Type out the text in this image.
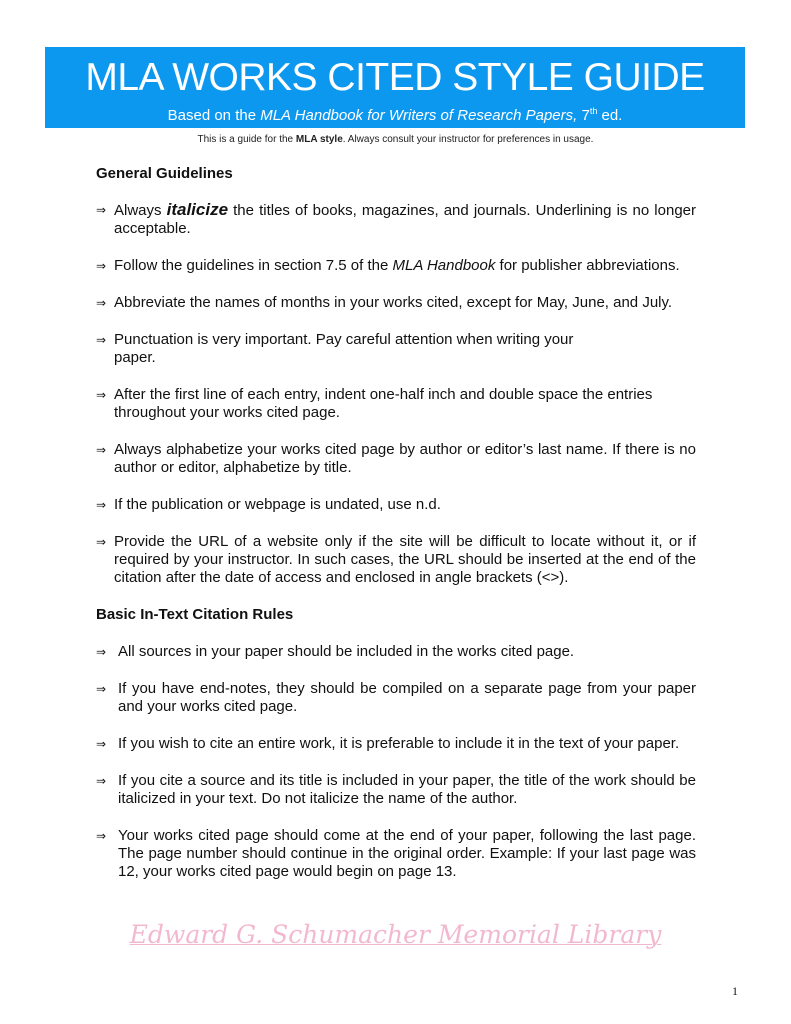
MLA WORKS CITED STYLE GUIDE
Based on the MLA Handbook for Writers of Research Papers, 7th ed.
This is a guide for the MLA style. Always consult your instructor for preferences in usage.
General Guidelines
⇒ Always italicize the titles of books, magazines, and journals. Underlining is no longer acceptable.
⇒ Follow the guidelines in section 7.5 of the MLA Handbook for publisher abbreviations.
⇒ Abbreviate the names of months in your works cited, except for May, June, and July.
⇒ Punctuation is very important. Pay careful attention when writing your
paper.
⇒ After the first line of each entry, indent one-half inch and double space the entries throughout your works cited page.
⇒ Always alphabetize your works cited page by author or editor’s last name. If there is no author or editor, alphabetize by title.
⇒ If the publication or webpage is undated, use n.d.
⇒ Provide the URL of a website only if the site will be difficult to locate without it, or if required by your instructor. In such cases, the URL should be inserted at the end of the citation after the date of access and enclosed in angle brackets (<>).
Basic In-Text Citation Rules
⇒ All sources in your paper should be included in the works cited page.
⇒ If you have end-notes, they should be compiled on a separate page from your paper and your works cited page.
⇒ If you wish to cite an entire work, it is preferable to include it in the text of your paper.
⇒ If you cite a source and its title is included in your paper, the title of the work should be italicized in your text. Do not italicize the name of the author.
⇒ Your works cited page should come at the end of your paper, following the last page. The page number should continue in the original order. Example: If your last page was 12, your works cited page would begin on page 13.
Edward G. Schumacher Memorial Library
1
